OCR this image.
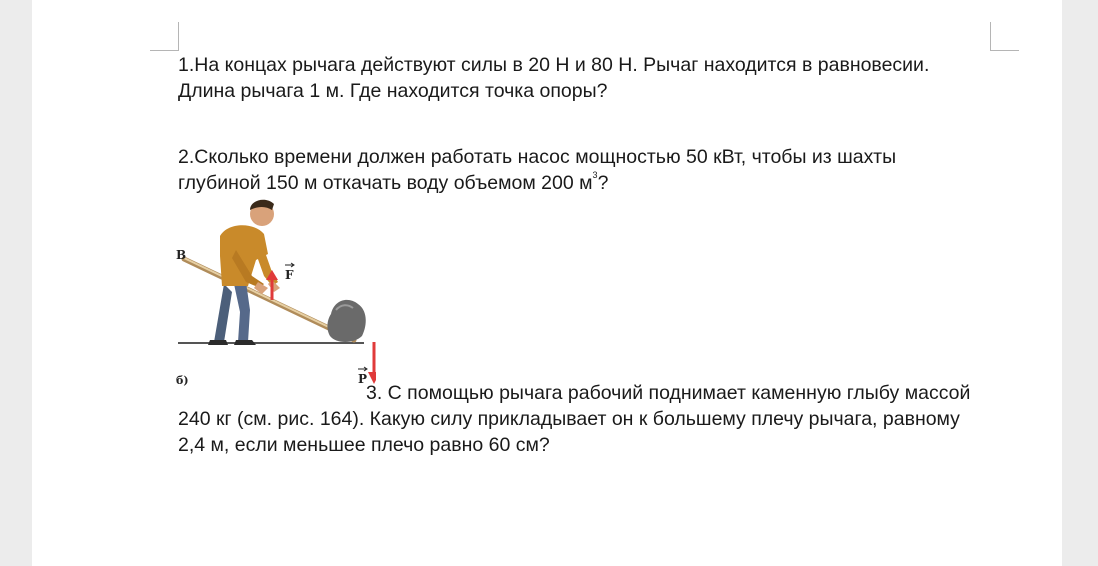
1.На концах рычага действуют силы в 20 Н и 80 Н. Рычаг находится в равновесии. Длина рычага 1 м. Где находится точка опоры?

2.Сколько времени должен работать насос мощностью 50 кВт, чтобы из шахты глубиной 150 м откачать воду объемом 200 $м^3$?

B
F
P
б)

3. С помощью рычага рабочий поднимает каменную глыбу массой 240 кг (см. рис. 164). Какую силу прикладывает он к большему плечу рычага, равному 2,4 м, если меньшее плечо равно 60 см?
